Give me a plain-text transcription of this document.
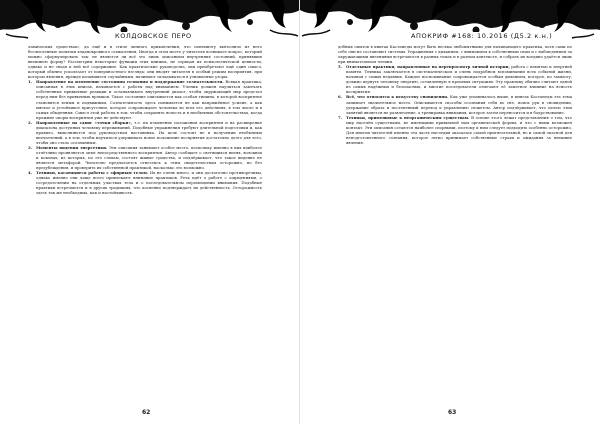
КОЛДОВСКОЕ ПЕРО

ламических существах», да ещё и в стиле личного приключения, что понемногу вытеснило из него бесчисленные попытки хладнокровного осмысления. Иногда в этом месте у читателя возникает вопрос, который можно сформулировать так: не является ли всё это лишь описанием внутренних состояний, принявших внешнюю форму? Рассмотрим некоторые функции этих книжек, не отрицая их психологической ценности, однако и не сводя к ней всё содержание. Как практические руководства, они приобретают ещё один смысл, который обычно ускользает от поверхностного взгляда: они вводят читателя в особый режим восприятия, при котором явления, прежде казавшиеся случайными, начинают складываться в узнаваемые узоры.

1.	Направление на изменение состояния сознания и поддержание сознательности. Всякая практика, описанная в этих книгах, начинается с работы над вниманием. Ученик должен научиться замечать собственные привычные реакции и останавливать внутренний диалог, чтобы окружающий мир предстал перед ним без привычных ярлыков. Такое состояние описывается как особая тишина, в которой восприятие становится ясным и подвижным. Сознательность здесь понимается не как напряжённое усилие, а как мягкое и устойчивое присутствие, которое сопровождает человека во всех его действиях, в том числе и в самых обыденных. Смысл этой работы в том, чтобы сохранять ясность и в необычных обстоятельствах, когда прежние опоры восприятия уже не действуют.
2.	Направленные на сдвиг «точки сборки», т.е. на изменение положения восприятия и на расширение диапазона доступных человеку переживаний. Подобные упражнения требуют длительной подготовки и, как правило, выполняются под руководством наставника. Их цель состоит не в получении необычных впечатлений, а в том, чтобы научиться удерживать новое положение восприятия достаточно долго для того, чтобы оно стало осознанным.
3.	Моменты видения энергетики. Эти описания занимают особое место, поскольку именно в них наиболее отчётливо проявляется опыт непосредственного восприятия. Автор сообщает о светящихся нитях, волокнах и коконах, из которых, по его словам, состоят живые существа, и подчёркивает, что такое видение не является метафорой. Читателю предлагается отнестись к этим свидетельствам осторожно, но без предубеждения, и проверить их собственной практикой, насколько это возможно.
4.	Техники, касающиеся работы с эфирным телом. Их не очень много, и они достаточно противоречивы, однако именно они чаще всего привлекают внимание практиков. Речь идёт о работе с ощущениями, о сосредоточении на отдельных участках тела и о последовательном перемещении внимания. Подобные практики встречаются и в других традициях, что косвенно подтверждает их действенность. Осторожность здесь так же необходима, как и настойчивость.
62
АПОКРИФ #168: 10.2016 (Д5.2 к.н.)

добных опытов в книгах Кастанеды могут быть весьма любопытными для начинающего практика, хотя сами по себе они не составляют системы. Упражнения с дыханием, с вниманием к собственным снам и с наблюдением за окружающими явлениями встречаются в разных томах и в разном контексте, и собрать их воедино удаётся лишь при внимательном чтении.

5.	Отдельные практики, направленные на перепросмотр личной истории, работа с памятью и энергией памяти. Техника заключается в систематическом и очень подробном вспоминании всех событий жизни, начиная с самых недавних. Каждое воспоминание сопровождается особым дыханием, которое, по замыслу, должно вернуть человеку энергию, оставленную в прошлых ситуациях. Эту практику обычно считают одной из самых надёжных и безопасных, и многие последователи отмечают её заметное влияние на ясность восприятия.
6.	Всё, что относится к искусству сновидения. Как уже упоминалось выше, в книгах Кастанеды эта тема занимает значительное место. Описываются способы осознания себя во сне, поиск рук в сновидении, удержание образа и постепенный переход к управлению сюжетом. Автор подчёркивает, что целью этих занятий является не развлечение, а тренировка внимания, которое затем переносится и в бодрствование.
7.	Техники, применимые к неорганическим существам. В основе этого лежат представления о том, что мир населён существами, не имеющими привычной нам органической формы, и что с ними возможен контакт. Эти описания остаются наиболее спорными, поэтому к ним следует подходить особенно осторожно. Для многих читателей именно эта часть наследия оказалась самой притягательной, но и самой опасной для неподготовленного сознания, которое легко принимает собственные страхи и ожидания за внешние явления.
63
